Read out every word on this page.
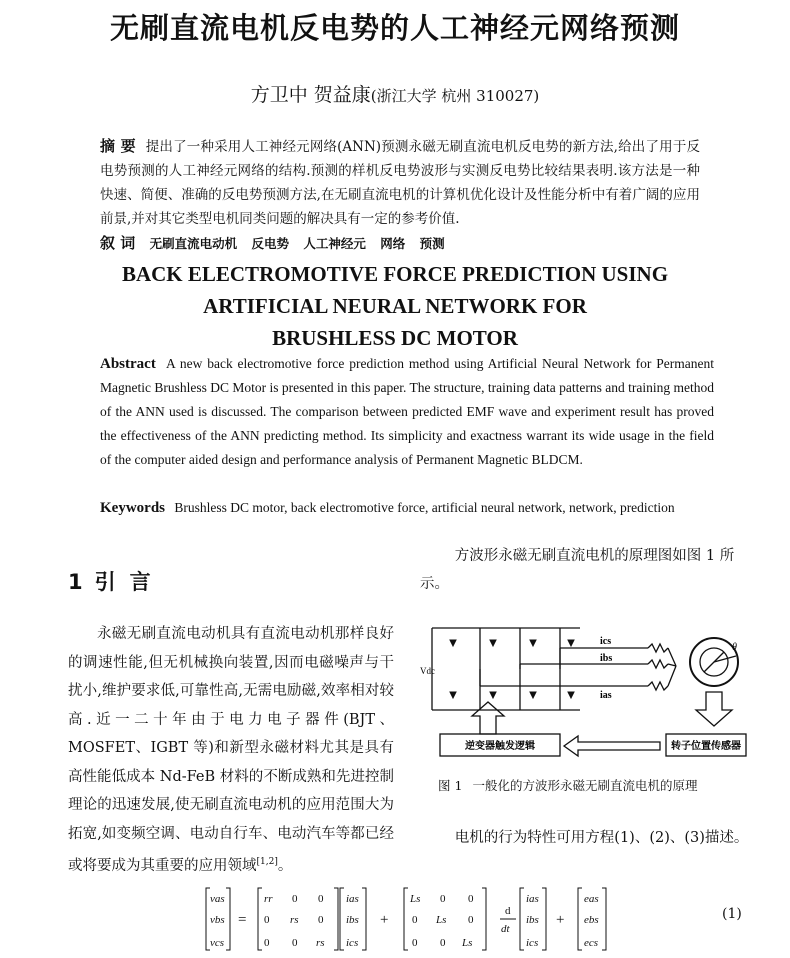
无刷直流电机反电势的人工神经元网络预测
方卫中 贺益康(浙江大学 杭州 310027)
摘 要 提出了一种采用人工神经元网络(ANN)预测永磁无刷直流电机反电势的新方法,给出了用于反电势预测的人工神经元网络的结构.预测的样机反电势波形与实测反电势比较结果表明.该方法是一种快速、简便、准确的反电势预测方法,在无刷直流电机的计算机优化设计及性能分析中有着广阔的应用前景,并对其它类型电机同类问题的解决具有一定的参考价值.
叙 词 无刷直流电动机 反电势 人工神经元 网络 预测
BACK ELECTROMOTIVE FORCE PREDICTION USING
ARTIFICIAL NEURAL NETWORK FOR
BRUSHLESS DC MOTOR
Abstract A new back electromotive force prediction method using Artificial Neural Network for Permanent Magnetic Brushless DC Motor is presented in this paper. The structure, training data patterns and training method of the ANN used is discussed. The comparison between predicted EMF wave and experiment result has proved the effectiveness of the ANN predicting method. Its simplicity and exactness warrant its wide usage in the field of the computer aided design and performance analysis of Permanent Magnetic BLDCM.
Keywords Brushless DC motor, back electromotive force, artificial neural network, network, prediction
1 引言

永磁无刷直流电动机具有直流电动机那样良好的调速性能,但无机械换向装置,因而电磁噪声与干扰小,维护要求低,可靠性高,无需电励磁,效率相对较高.近一二十年由于电力电子器件(BJT、MOSFET、IGBT 等)和新型永磁材料尤其是具有高性能低成本 Nd-FeB 材料的不断成熟和先进控制理论的迅速发展,使无刷直流电动机的应用范围大为拓宽,如变频空调、电动自行车、电动汽车等都已经或将要成为其重要的应用领域[1,2]。

方波形永磁无刷直流电机的原理图如图 1 所示。
Vdc
ics
ibs
ias
θ
逆变器触发逻辑	转子位置传感器
图 1 一般化的方波形永磁无刷直流电机的原理
电机的行为特性可用方程(1)、(2)、(3)描述。
νas
νbs
νcs
=
rr 0 0
0 rs 0
0 0 rs
ias
ibs
ics
+
Ls 0 0
0 Ls 0
0 0 Ls
d
dt
ias
ibs
ics
+
eas
ebs
ecs
(1)
